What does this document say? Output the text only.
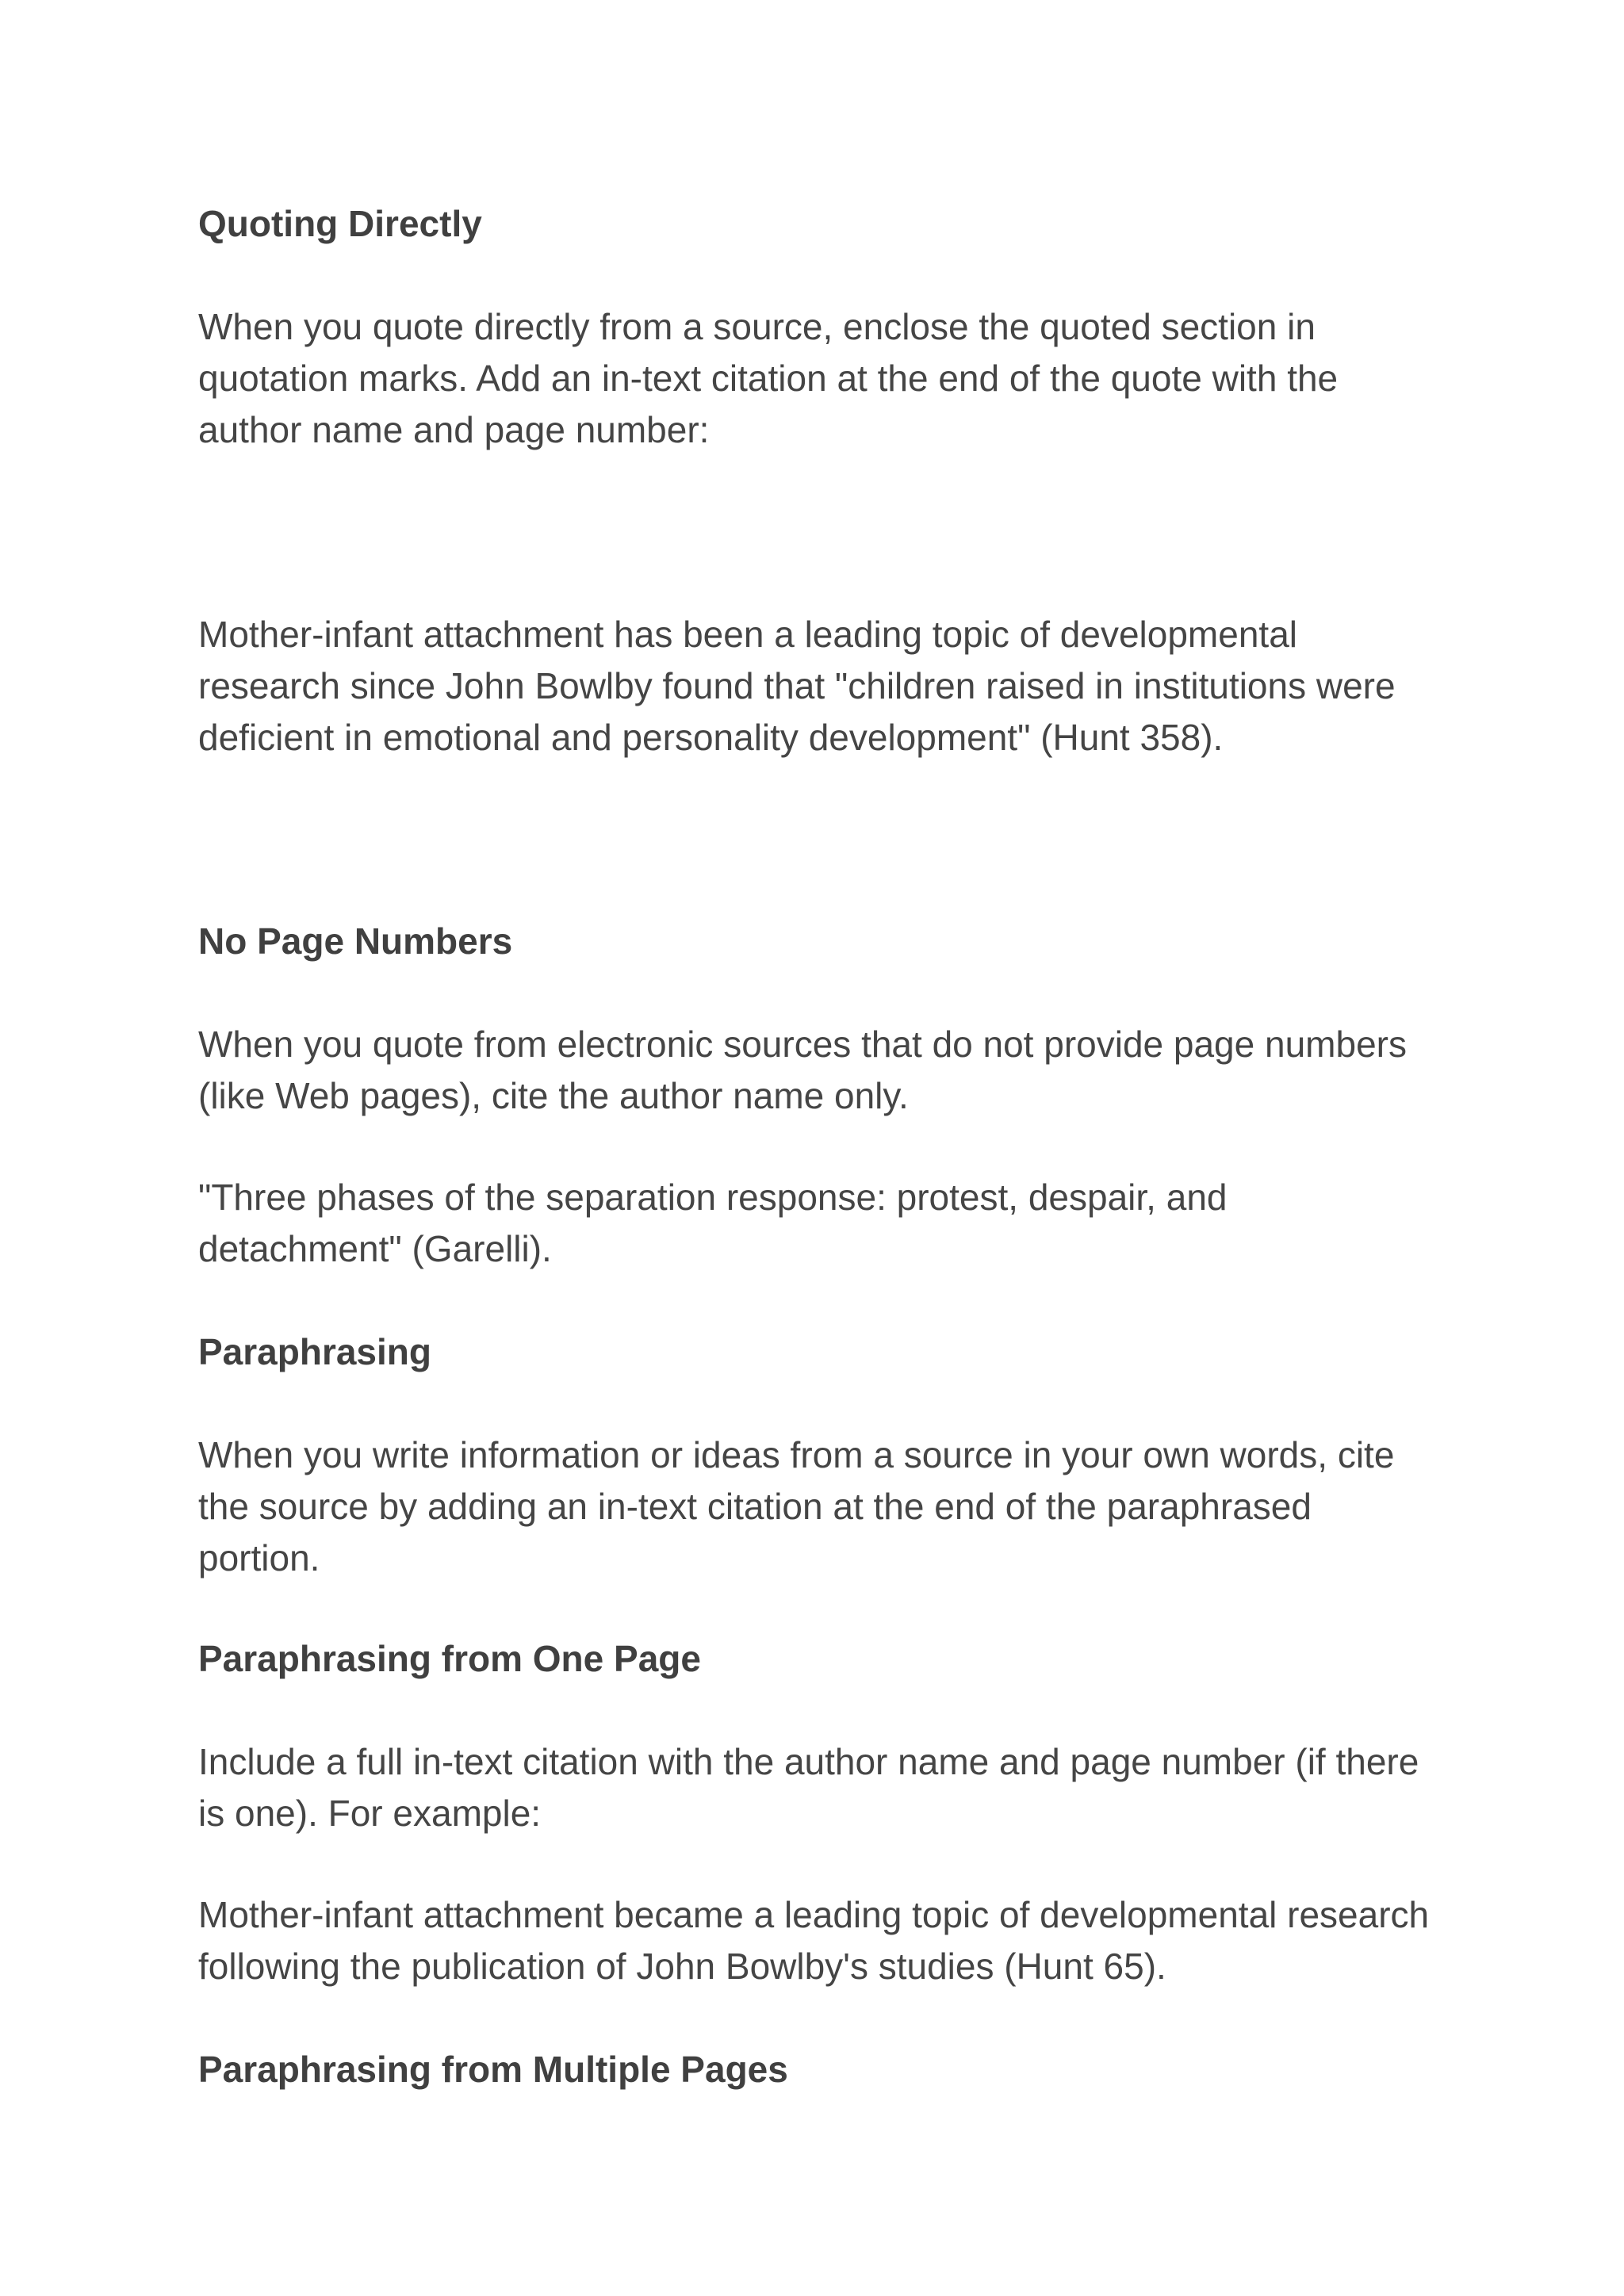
Quoting Directly

When you quote directly from a source, enclose the quoted section in quotation marks. Add an in-text citation at the end of the quote with the author name and page number:

Mother-infant attachment has been a leading topic of developmental research since John Bowlby found that "children raised in institutions were deficient in emotional and personality development" (Hunt 358).

No Page Numbers

When you quote from electronic sources that do not provide page numbers (like Web pages), cite the author name only.

"Three phases of the separation response: protest, despair, and detachment" (Garelli).

Paraphrasing

When you write information or ideas from a source in your own words, cite the source by adding an in-text citation at the end of the paraphrased portion.

Paraphrasing from One Page

Include a full in-text citation with the author name and page number (if there is one). For example:

Mother-infant attachment became a leading topic of developmental research following the publication of John Bowlby's studies (Hunt 65).

Paraphrasing from Multiple Pages
